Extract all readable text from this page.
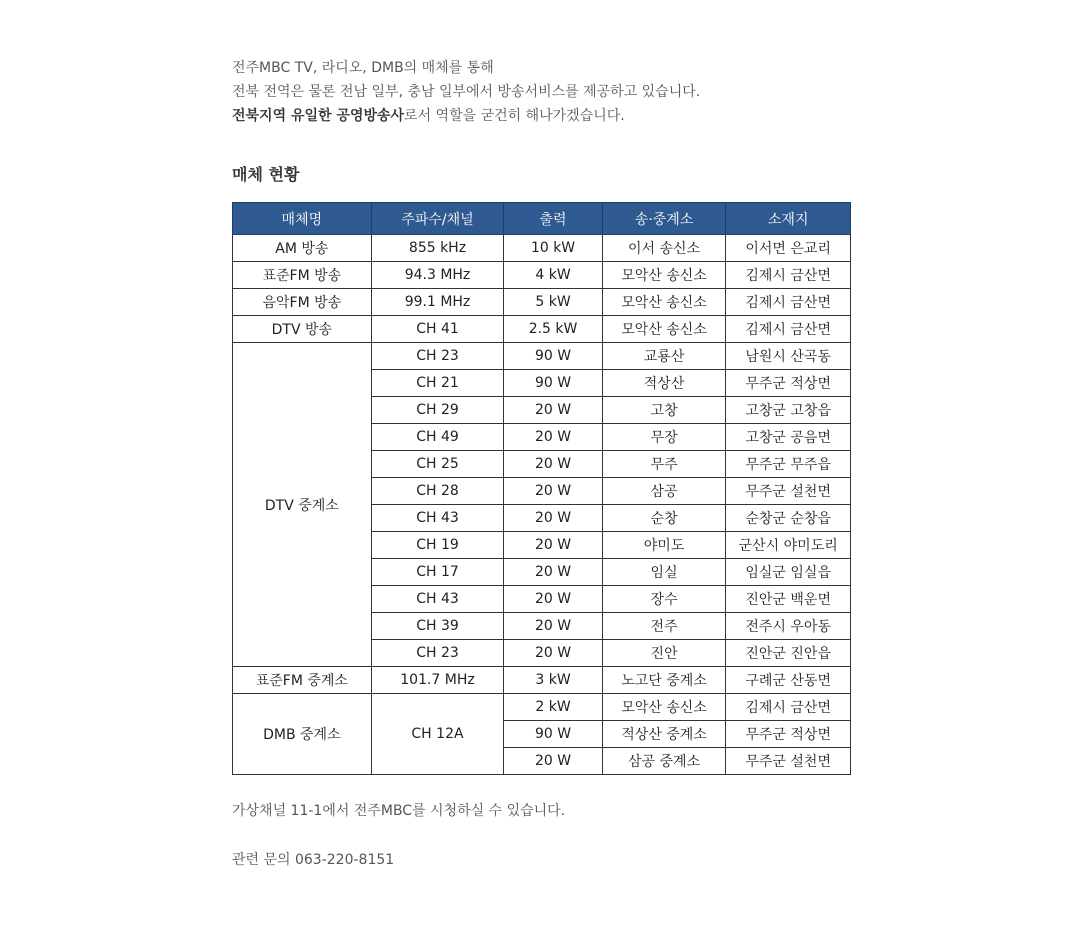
전주MBC TV, 라디오, DMB의 매체를 통해

전북 전역은 물론 전남 일부, 충남 일부에서 방송서비스를 제공하고 있습니다.

전북지역 유일한 공영방송사로서 역할을 굳건히 해나가겠습니다.

매체 현황
매체명	주파수/채널	출력	송·중계소	소재지
AM 방송	855 kHz	10 kW	이서 송신소	이서면 은교리
표준FM 방송	94.3 MHz	4 kW	모악산 송신소	김제시 금산면
음악FM 방송	99.1 MHz	5 kW	모악산 송신소	김제시 금산면
DTV 방송	CH 41	2.5 kW	모악산 송신소	김제시 금산면
DTV 중계소	CH 23	90 W	교룡산	남원시 산곡동
	CH 21	90 W	적상산	무주군 적상면
	CH 29	20 W	고창	고창군 고창읍
	CH 49	20 W	무장	고창군 공음면
	CH 25	20 W	무주	무주군 무주읍
	CH 28	20 W	삼공	무주군 설천면
	CH 43	20 W	순창	순창군 순창읍
	CH 19	20 W	야미도	군산시 야미도리
	CH 17	20 W	임실	임실군 임실읍
	CH 43	20 W	장수	진안군 백운면
	CH 39	20 W	전주	전주시 우아동
	CH 23	20 W	진안	진안군 진안읍
표준FM 중계소	101.7 MHz	3 kW	노고단 중계소	구례군 산동면
DMB 중계소	CH 12A	2 kW	모악산 송신소	김제시 금산면
		90 W	적상산 중계소	무주군 적상면
		20 W	삼공 중계소	무주군 설천면

가상채널 11-1에서 전주MBC를 시청하실 수 있습니다.

관련 문의 063-220-8151
